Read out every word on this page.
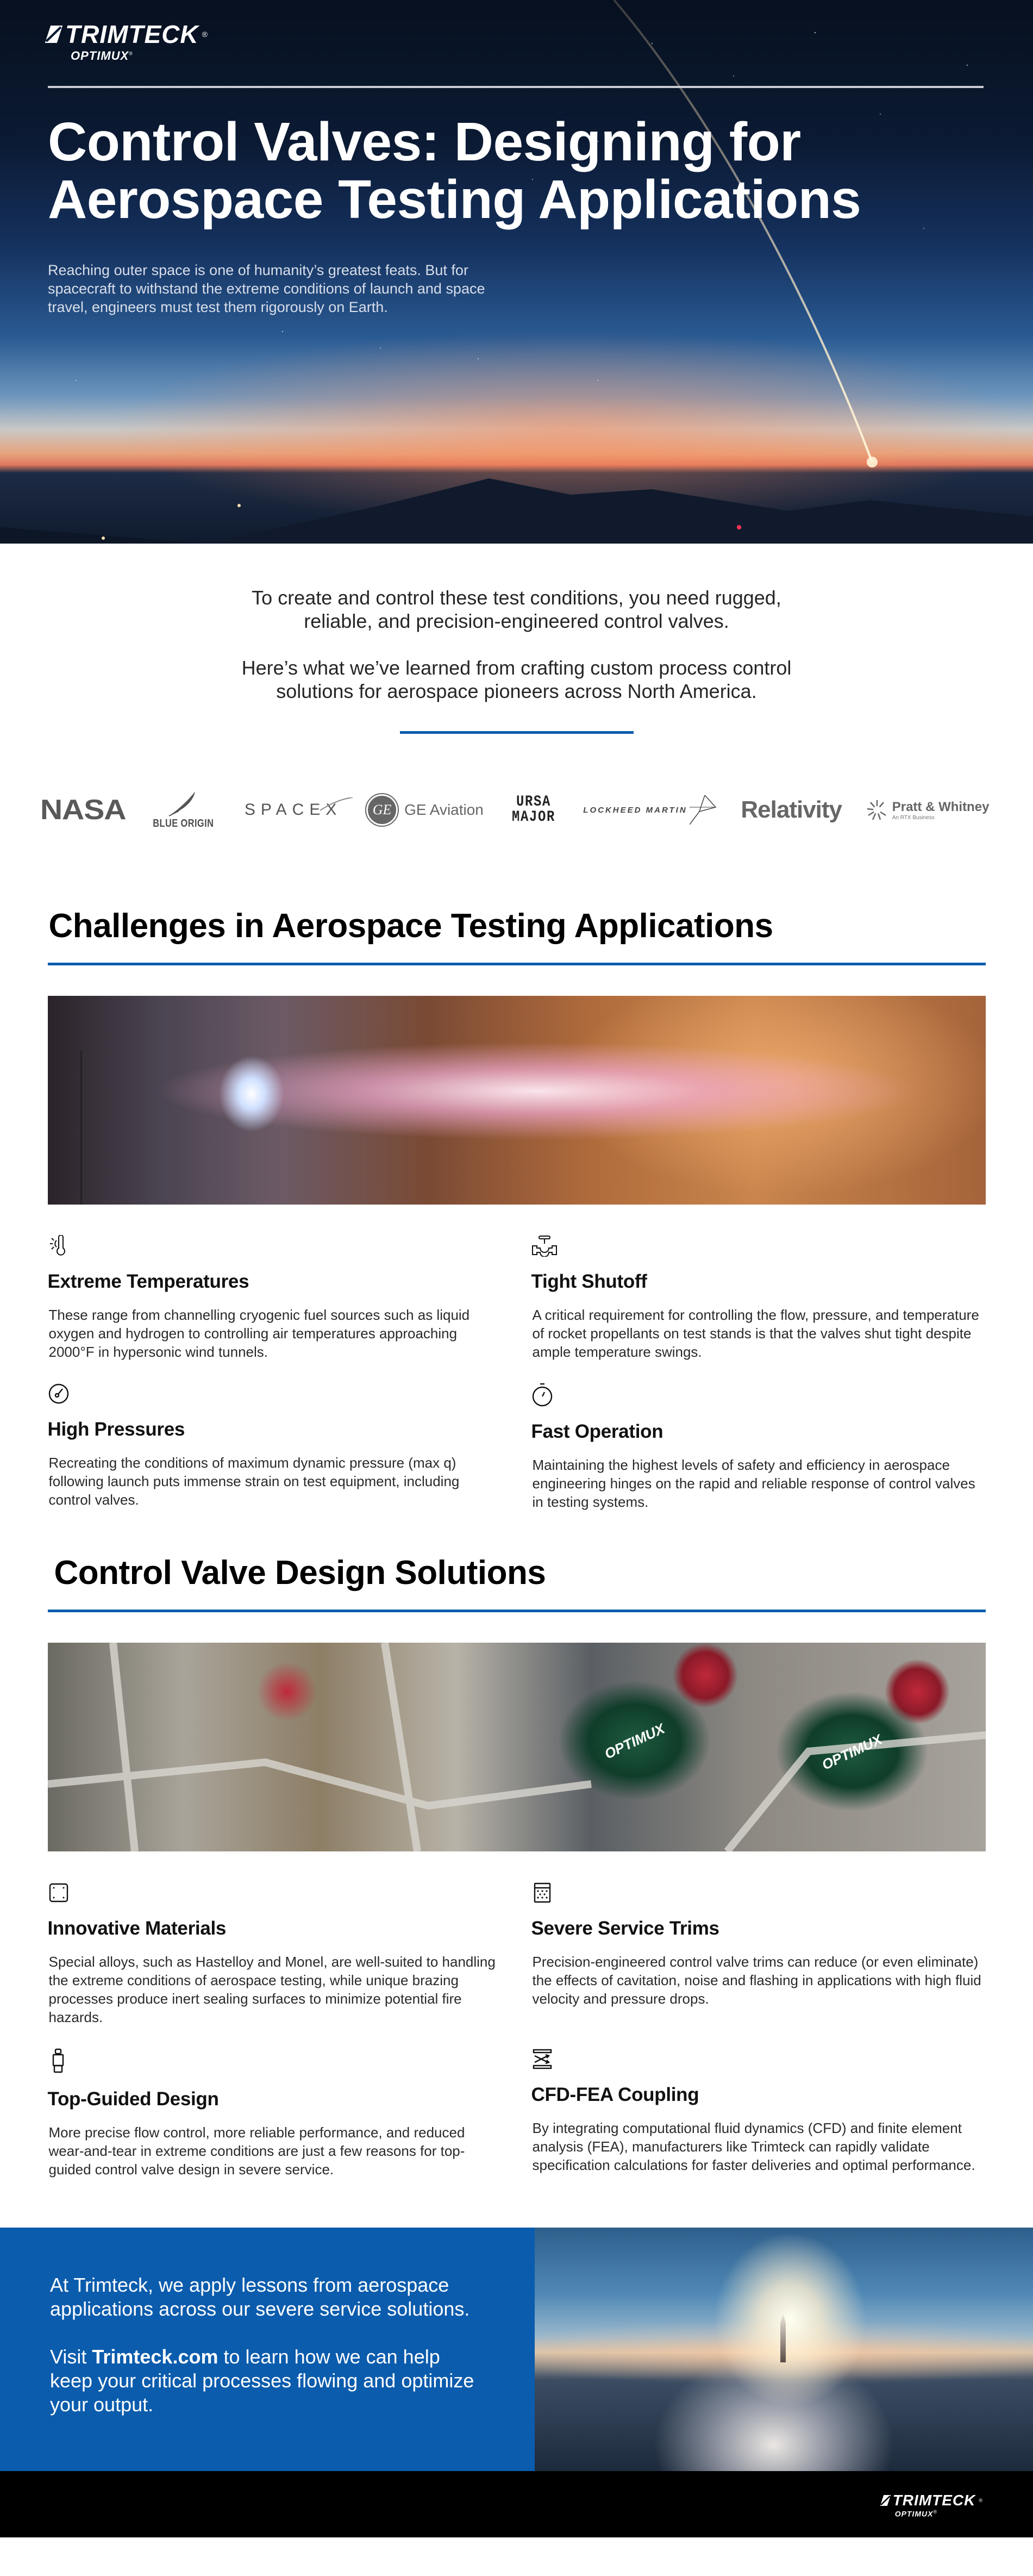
TRIMTECK ®
OPTIMUX®
Control Valves: Designing for
Aerospace Testing Applications

Reaching outer space is one of humanity’s greatest feats. But for spacecraft to withstand the extreme conditions of launch and space travel, engineers must test them rigorously on Earth.

To create and control these test conditions, you need rugged, reliable, and precision-engineered control valves.

Here’s what we’ve learned from crafting custom process control solutions for aerospace pioneers across North America.

NASA BLUE ORIGIN
SPACEX	GE GE Aviation URSA
MAJOR	LOCKHEED MARTIN Relativity	Pratt & Whitney
An RTX Business
Challenges in Aerospace Testing Applications
Extreme Temperatures

These range from channelling cryogenic fuel sources such as liquid oxygen and hydrogen to controlling air temperatures approaching 2000°F in hypersonic wind tunnels.

Tight Shutoff

A critical requirement for controlling the flow, pressure, and temperature of rocket propellants on test stands is that the valves shut tight despite ample temperature swings.

High Pressures

Recreating the conditions of maximum dynamic pressure (max q) following launch puts immense strain on test equipment, including control valves.

Fast Operation

Maintaining the highest levels of safety and efficiency in aerospace engineering hinges on the rapid and reliable response of control valves in testing systems.

Control Valve Design Solutions
OPTIMUX	OPTIMUX
Innovative Materials

Special alloys, such as Hastelloy and Monel, are well-suited to handling the extreme conditions of aerospace testing, while unique brazing processes produce inert sealing surfaces to minimize potential fire hazards.

Severe Service Trims

Precision-engineered control valve trims can reduce (or even eliminate) the effects of cavitation, noise and flashing in applications with high fluid velocity and pressure drops.

Top-Guided Design

More precise flow control, more reliable performance, and reduced wear-and-tear in extreme conditions are just a few reasons for top-guided control valve design in severe service.

CFD-FEA Coupling

By integrating computational fluid dynamics (CFD) and finite element analysis (FEA), manufacturers like Trimteck can rapidly validate specification calculations for faster deliveries and optimal performance.

At Trimteck, we apply lessons from aerospace applications across our severe service solutions.

Visit Trimteck.com to learn how we can help keep your critical processes flowing and optimize your output.

TRIMTECK ®
OPTIMUX®
